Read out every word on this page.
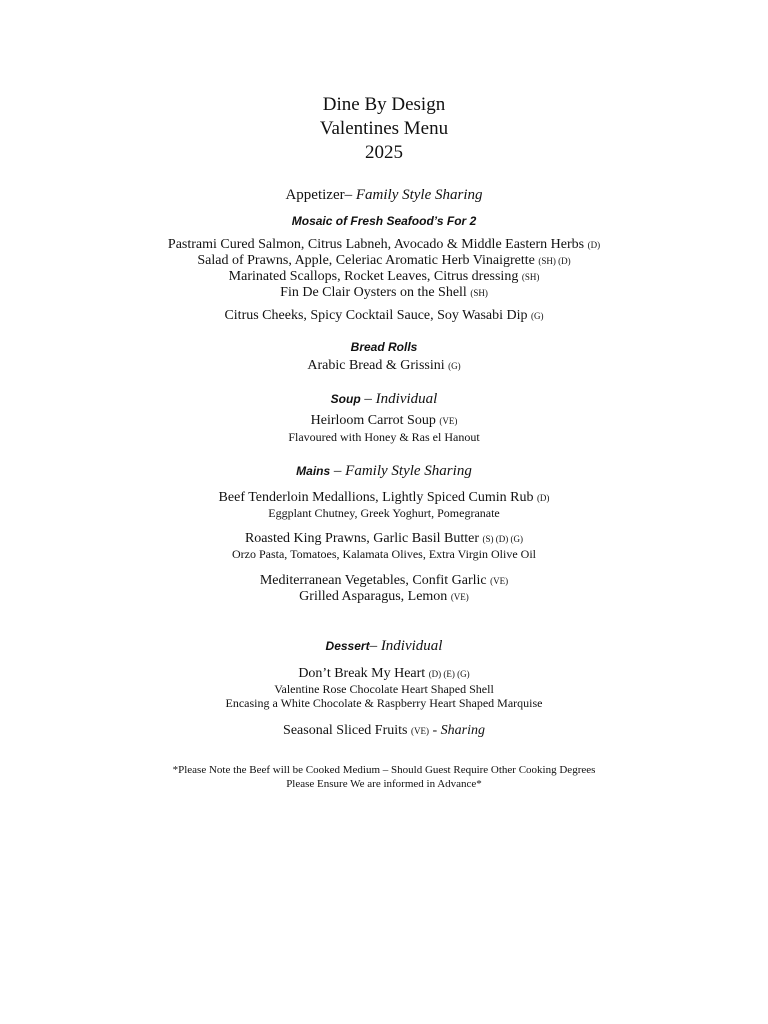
Dine By Design
Valentines Menu
2025
Appetizer– Family Style Sharing
Mosaic of Fresh Seafood’s For 2
Pastrami Cured Salmon, Citrus Labneh, Avocado & Middle Eastern Herbs (D)
Salad of Prawns, Apple, Celeriac Aromatic Herb Vinaigrette (SH) (D)
Marinated Scallops, Rocket Leaves, Citrus dressing (SH)
Fin De Clair Oysters on the Shell (SH)
Citrus Cheeks, Spicy Cocktail Sauce, Soy Wasabi Dip (G)
Bread Rolls
Arabic Bread & Grissini (G)
Soup – Individual
Heirloom Carrot Soup (VE)
Flavoured with Honey & Ras el Hanout
Mains – Family Style Sharing
Beef Tenderloin Medallions, Lightly Spiced Cumin Rub (D)
Eggplant Chutney, Greek Yoghurt, Pomegranate
Roasted King Prawns, Garlic Basil Butter (S) (D) (G)
Orzo Pasta, Tomatoes, Kalamata Olives, Extra Virgin Olive Oil
Mediterranean Vegetables, Confit Garlic (VE)
Grilled Asparagus, Lemon (VE)
Dessert– Individual
Don’t Break My Heart (D) (E) (G)
Valentine Rose Chocolate Heart Shaped Shell
Encasing a White Chocolate & Raspberry Heart Shaped Marquise
Seasonal Sliced Fruits (VE) - Sharing
*Please Note the Beef will be Cooked Medium – Should Guest Require Other Cooking Degrees
Please Ensure We are informed in Advance*
